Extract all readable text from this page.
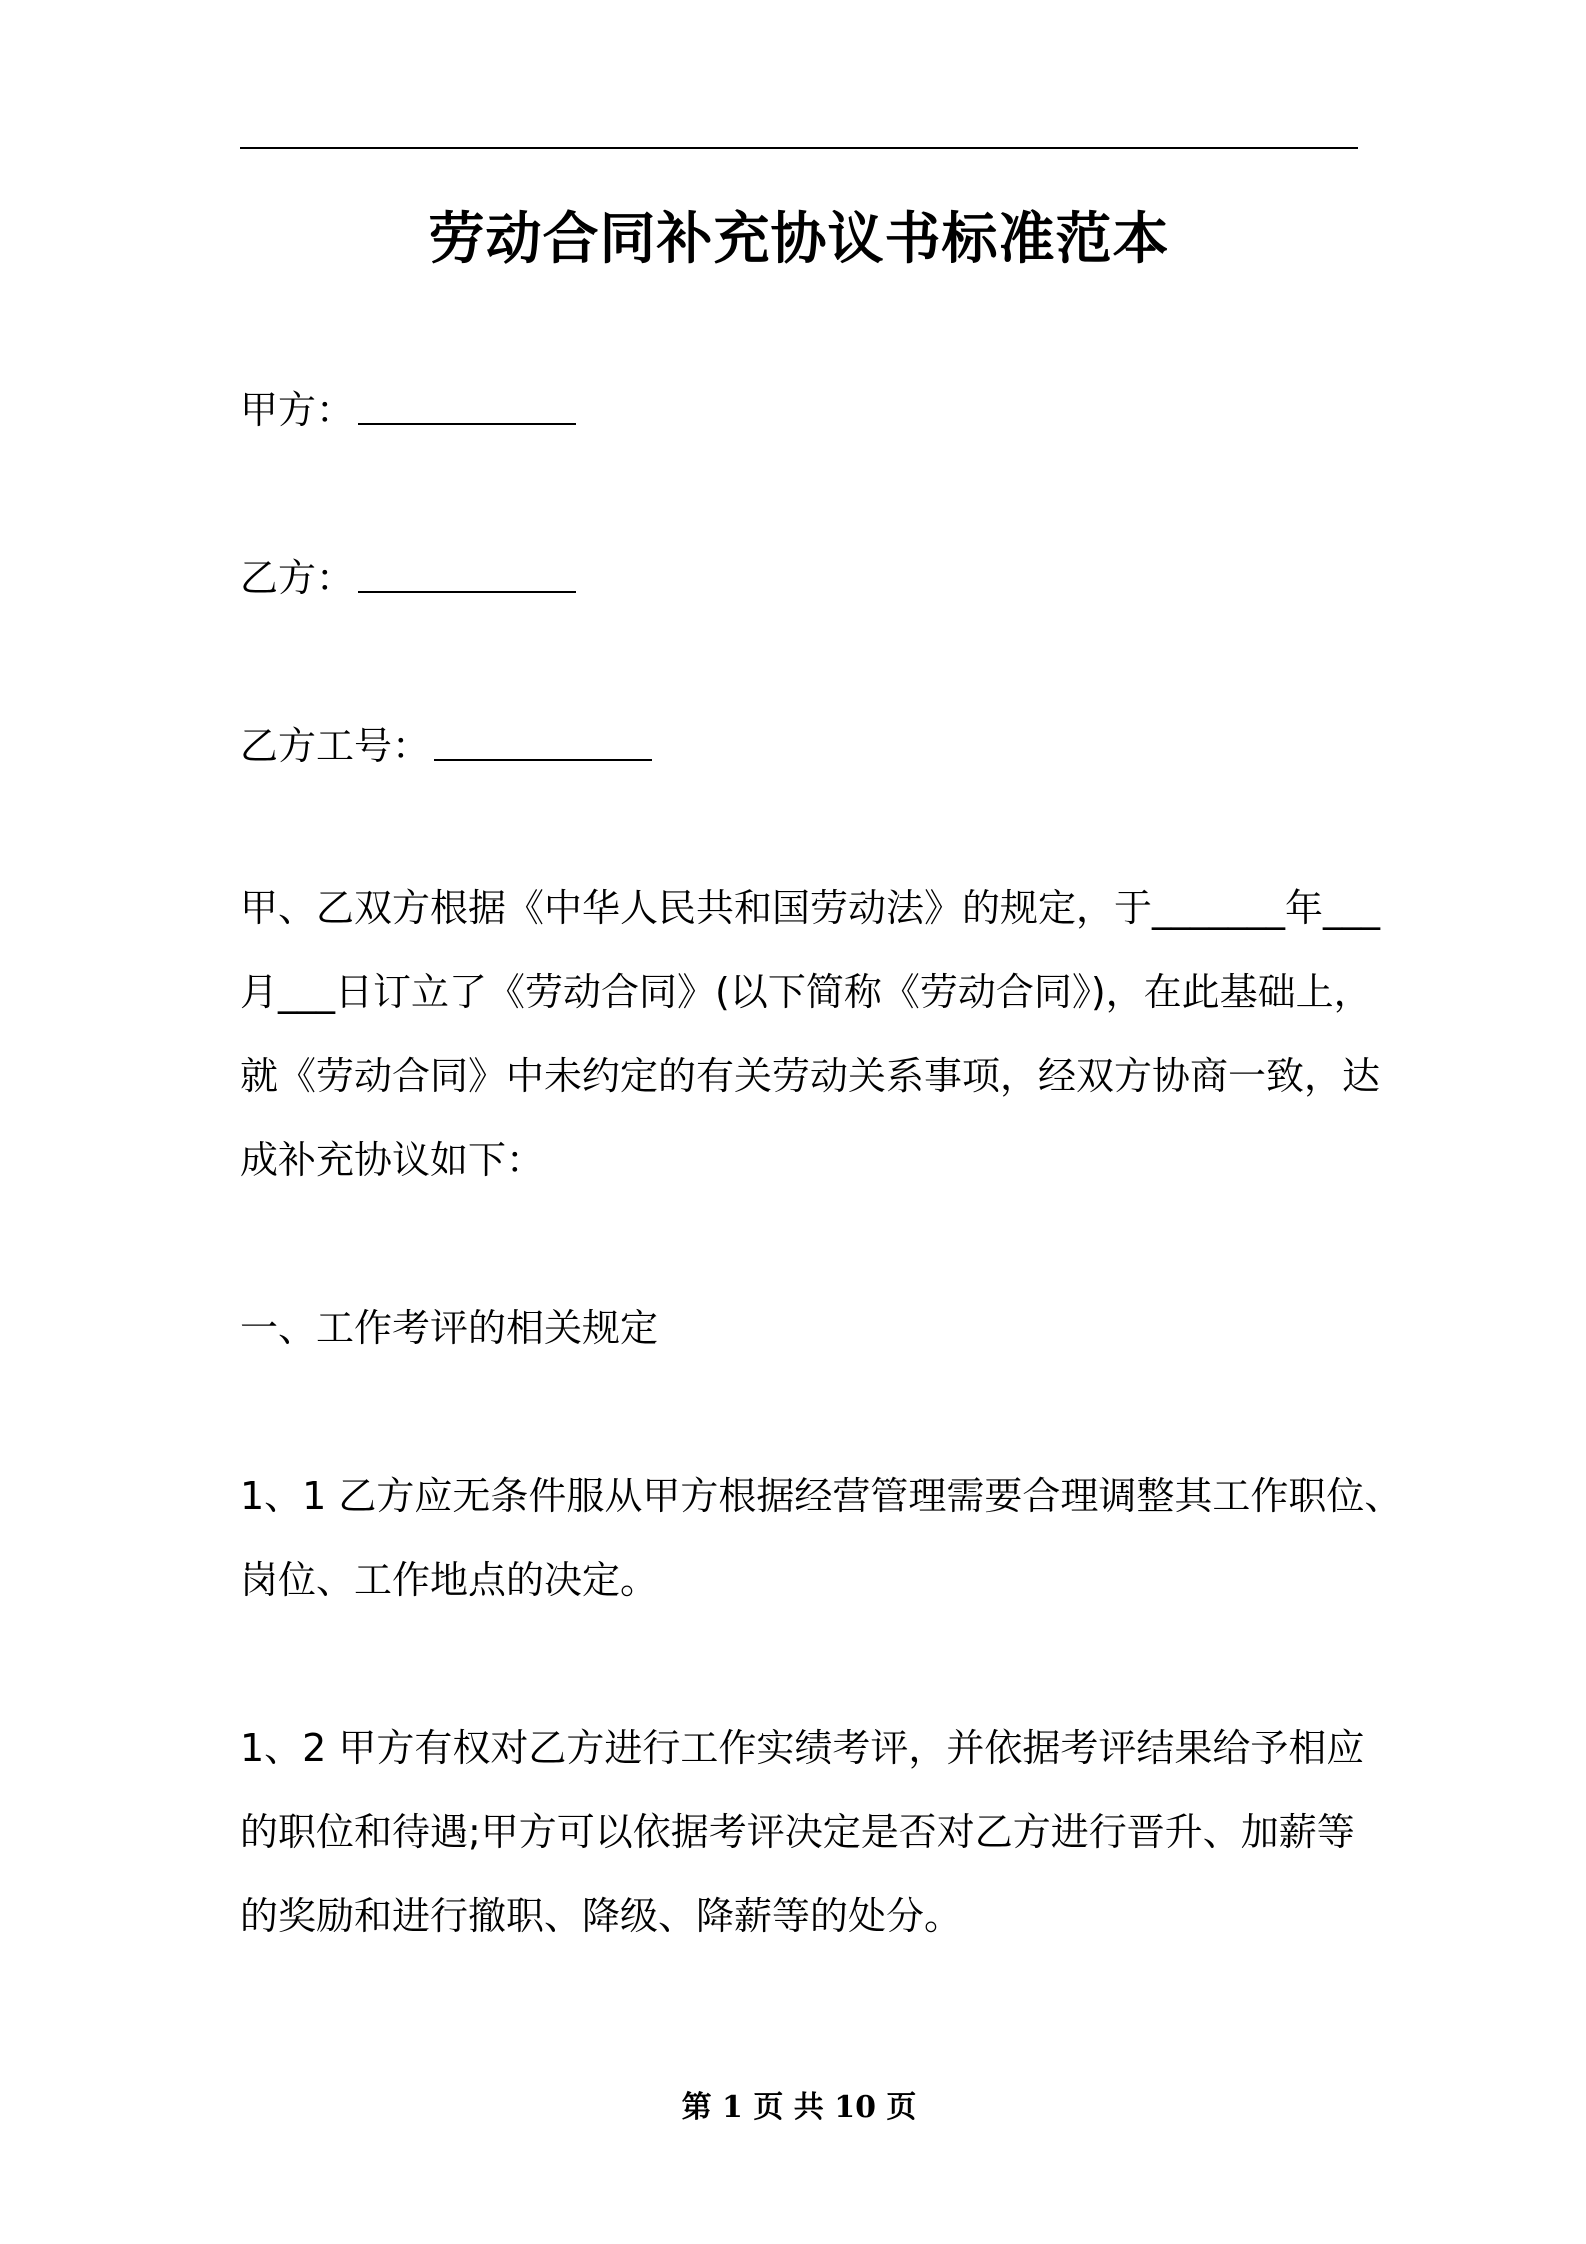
劳动合同补充协议书标准范本
甲方：
乙方：
乙方工号：
甲、乙双方根据《中华人民共和国劳动法》的规定，于_______年___
月___日订立了《劳动合同》(以下简称《劳动合同》)，在此基础上，
就《劳动合同》中未约定的有关劳动关系事项，经双方协商一致，达
成补充协议如下：
一、工作考评的相关规定
1、1 乙方应无条件服从甲方根据经营管理需要合理调整其工作职位、
岗位、工作地点的决定。
1、2 甲方有权对乙方进行工作实绩考评，并依据考评结果给予相应
的职位和待遇;甲方可以依据考评决定是否对乙方进行晋升、加薪等
的奖励和进行撤职、降级、降薪等的处分。
第 1 页 共 10 页
